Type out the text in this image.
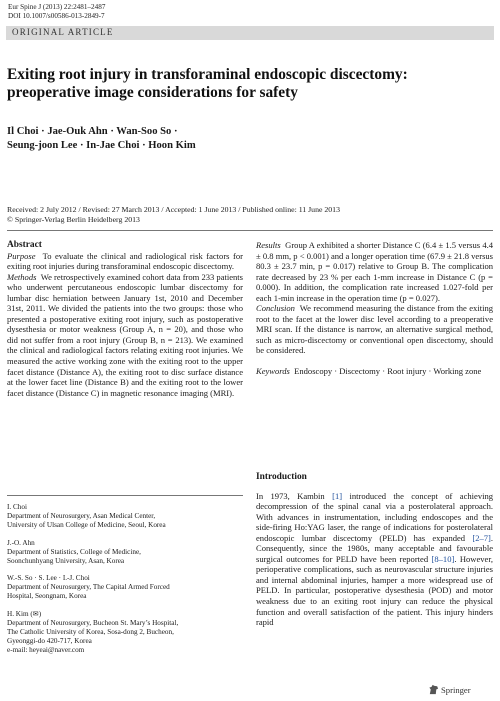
Eur Spine J (2013) 22:2481–2487
DOI 10.1007/s00586-013-2849-7
ORIGINAL ARTICLE
Exiting root injury in transforaminal endoscopic discectomy:
preoperative image considerations for safety
Il Choi · Jae-Ouk Ahn · Wan-Soo So ·
Seung-joon Lee · In-Jae Choi · Hoon Kim
Received: 2 July 2012 / Revised: 27 March 2013 / Accepted: 1 June 2013 / Published online: 11 June 2013
© Springer-Verlag Berlin Heidelberg 2013

Abstract

Purpose To evaluate the clinical and radiological risk factors for exiting root injuries during transforaminal endoscopic discectomy.

Methods We retrospectively examined cohort data from 233 patients who underwent percutaneous endoscopic lumbar discectomy for lumbar disc herniation between January 1st, 2010 and December 31st, 2011. We divided the patients into the two groups: those who presented a postoperative exiting root injury, such as postoperative dysesthesia or motor weakness (Group A, n = 20), and those who did not suffer from a root injury (Group B, n = 213). We examined the clinical and radiological factors relating exiting root injuries. We measured the active working zone with the exiting root to the upper facet distance (Distance A), the exiting root to disc surface distance at the lower facet line (Distance B) and the exiting root to the lower facet distance (Distance C) in magnetic resonance imaging (MRI).

Results Group A exhibited a shorter Distance C (6.4 ± 1.5 versus 4.4 ± 0.8 mm, p < 0.001) and a longer operation time (67.9 ± 21.8 versus 80.3 ± 23.7 min, p = 0.017) relative to Group B. The complication rate decreased by 23 % per each 1-mm increase in Distance C (p = 0.000). In addition, the complication rate increased 1.027-fold per each 1-min increase in the operation time (p = 0.027).

Conclusion We recommend measuring the distance from the exiting root to the facet at the lower disc level according to a preoperative MRI scan. If the distance is narrow, an alternative surgical method, such as micro-discectomy or conventional open discectomy, should be considered.

Keywords Endoscopy · Discectomy · Root injury · Working zone

I. Choi
Department of Neurosurgery, Asan Medical Center,
University of Ulsan College of Medicine, Seoul, Korea

J.-O. Ahn
Department of Statistics, College of Medicine,
Soonchunhyang University, Asan, Korea

W.-S. So · S. Lee · I.-J. Choi
Department of Neurosurgery, The Capital Armed Forced
Hospital, Seongnam, Korea

H. Kim (✉)
Department of Neurosurgery, Bucheon St. Mary’s Hospital,
The Catholic University of Korea, Sosa-dong 2, Bucheon,
Gyeonggi-do 420-717, Korea
e-mail: heyeai@naver.com

Introduction

In 1973, Kambin [1] introduced the concept of achieving decompression of the spinal canal via a posterolateral approach. With advances in instrumentation, including endoscopes and the side-firing Ho:YAG laser, the range of indications for posterolateral endoscopic lumbar discectomy (PELD) has expanded [2–7]. Consequently, since the 1980s, many acceptable and favourable surgical outcomes for PELD have been reported [8–10]. However, perioperative complications, such as neurovascular structure injuries and internal abdominal injuries, hamper a more widespread use of PELD. In particular, postoperative dysesthesia (POD) and motor weakness due to an exiting root injury can reduce the physical function and overall satisfaction of the patient. This injury hinders rapid

Springer
